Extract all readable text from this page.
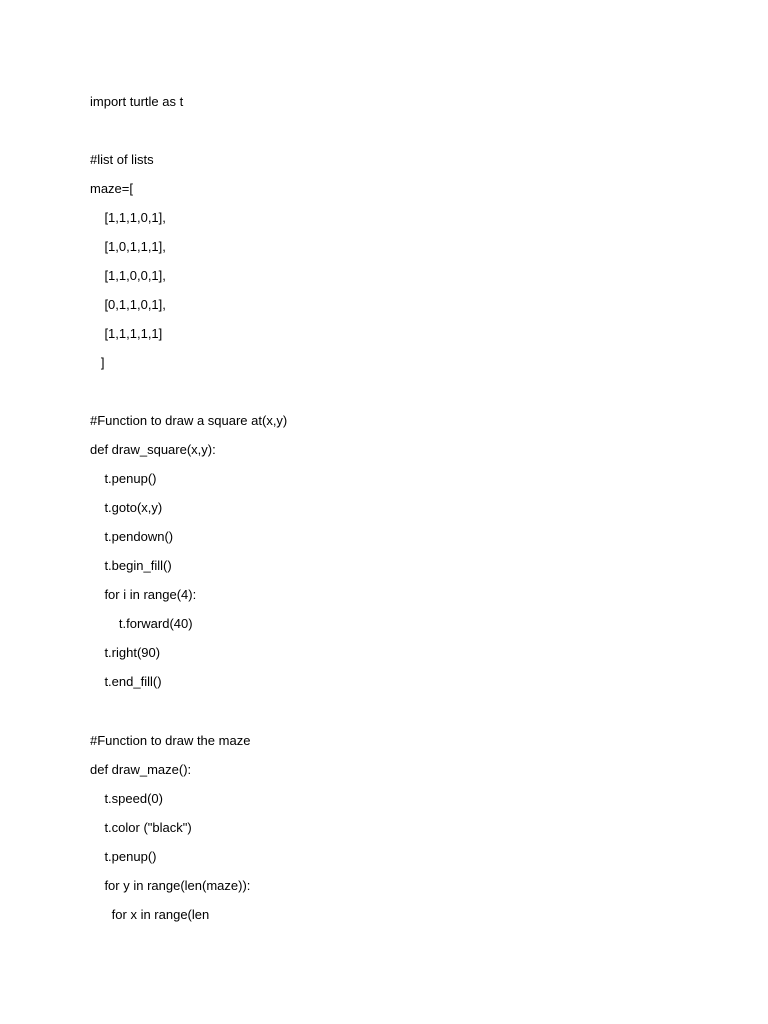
import turtle as t
#list of lists
maze=[
[1,1,1,0,1],
[1,0,1,1,1],
[1,1,0,0,1],
[0,1,1,0,1],
[1,1,1,1,1]
]
#Function to draw a square at(x,y)
def draw_square(x,y):
t.penup()
t.goto(x,y)
t.pendown()
t.begin_fill()
for i in range(4):
t.forward(40)
t.right(90)
t.end_fill()
#Function to draw the maze
def draw_maze():
t.speed(0)
t.color ("black")
t.penup()
for y in range(len(maze)):
for x in range(len
